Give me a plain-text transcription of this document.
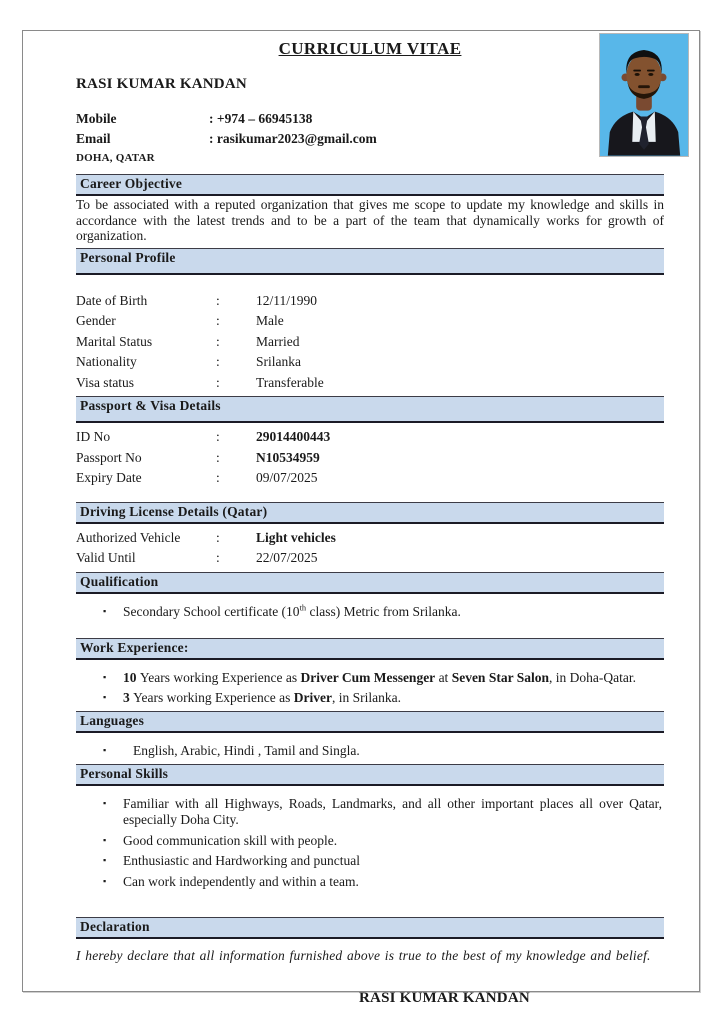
CURRICULUM VITAE
RASI KUMAR KANDAN
Mobile	: +974 – 66945138
Email	: rasikumar2023@gmail.com
DOHA, QATAR
Career Objective
To be associated with a reputed organization that gives me scope to update my knowledge and skills in accordance with the latest trends and to be a part of the team that dynamically works for growth of organization.
Personal Profile
Date of Birth	:	12/11/1990
Gender	:	Male
Marital Status	:	Married
Nationality	:	Srilanka
Visa status	:	Transferable
Passport & Visa Details
ID No	:	29014400443
Passport No	:	N10534959
Expiry Date	:	09/07/2025
Driving License Details (Qatar)
Authorized Vehicle	:	Light vehicles
Valid Until	:	22/07/2025
Qualification
▪	Secondary School certificate (10th class) Metric from Srilanka.
Work Experience:
▪	10 Years working Experience as Driver Cum Messenger at Seven Star Salon, in Doha-Qatar.
▪	3 Years working Experience as Driver, in Srilanka.
Languages
▪	English, Arabic, Hindi , Tamil and Singla.
Personal Skills
▪	Familiar with all Highways, Roads, Landmarks, and all other important places all over Qatar, especially Doha City.
▪	Good communication skill with people.
▪	Enthusiastic and Hardworking and punctual
▪	Can work independently and within a team.
Declaration
I hereby declare that all information furnished above is true to the best of my knowledge and belief.
RASI KUMAR KANDAN
